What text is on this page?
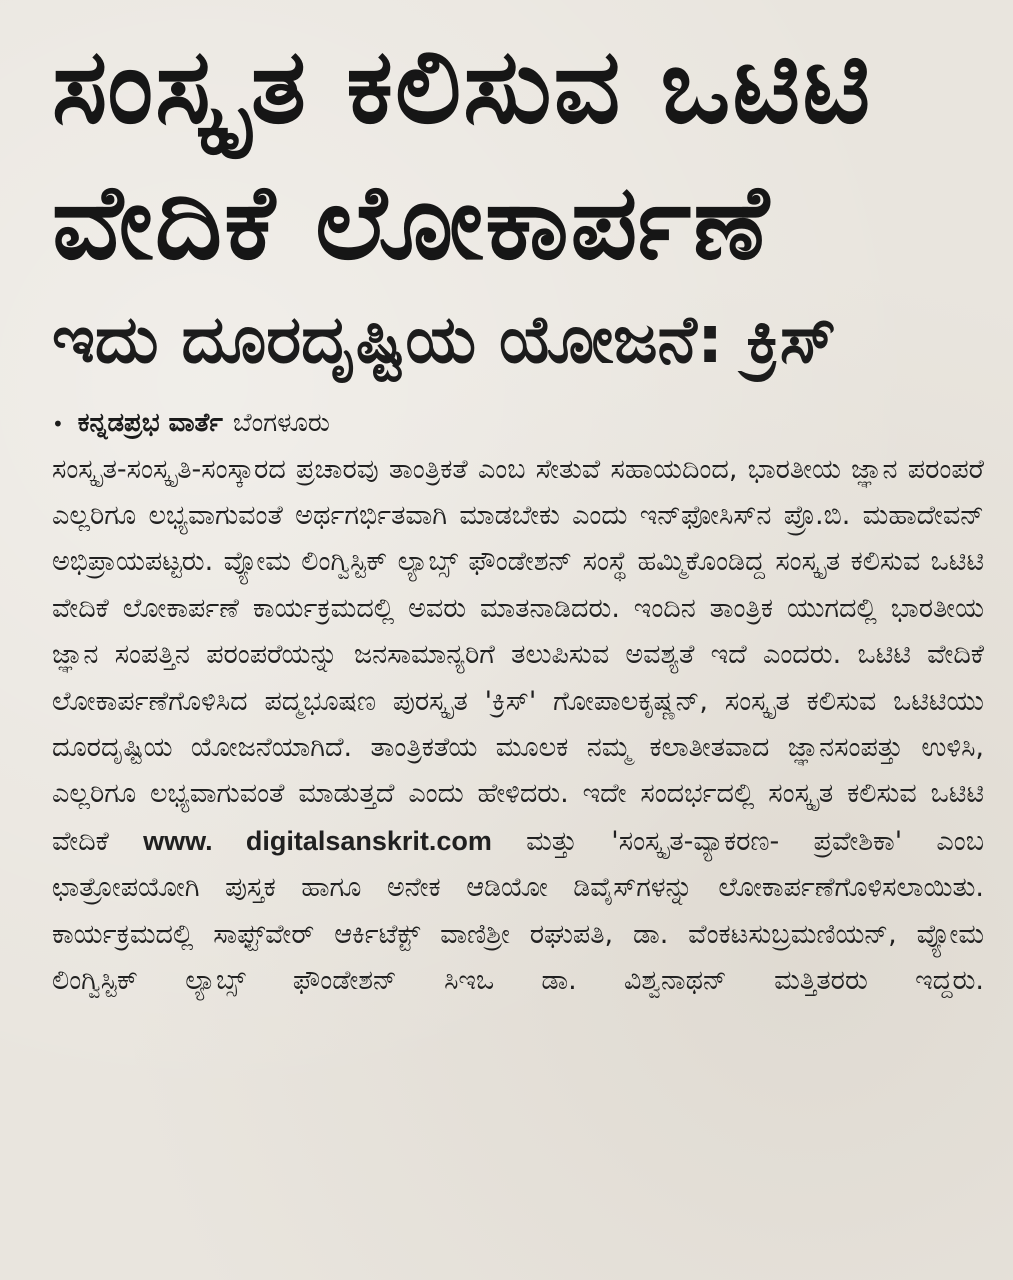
ಸಂಸ್ಕೃತ ಕಲಿಸುವ ಒಟಿಟಿ
ವೇದಿಕೆ ಲೋಕಾರ್ಪಣೆ
ಇದು ದೂರದೃಷ್ಟಿಯ ಯೋಜನೆ: ಕ್ರಿಸ್
• ಕನ್ನಡಪ್ರಭ ವಾರ್ತೆ ಬೆಂಗಳೂರು

ಸಂಸ್ಕೃತ-ಸಂಸ್ಕೃತಿ-ಸಂಸ್ಕಾರದ ಪ್ರಚಾರವು ತಾಂತ್ರಿಕತೆ ಎಂಬ ಸೇತುವೆ ಸಹಾಯದಿಂದ, ಭಾರತೀಯ ಜ್ಞಾನ ಪರಂಪರೆ ಎಲ್ಲರಿಗೂ ಲಭ್ಯವಾಗುವಂತೆ ಅರ್ಥಗರ್ಭಿತವಾಗಿ ಮಾಡಬೇಕು ಎಂದು ಇನ್‌ಫೋಸಿಸ್‌ನ ಪ್ರೊ.ಬಿ. ಮಹಾದೇವನ್ ಅಭಿಪ್ರಾಯಪಟ್ಟರು. ವ್ಯೋಮ ಲಿಂಗ್ವಿಸ್ಟಿಕ್ ಲ್ಯಾಬ್ಸ್ ಫೌಂಡೇಶನ್ ಸಂಸ್ಥೆ ಹಮ್ಮಿಕೊಂಡಿದ್ದ ಸಂಸ್ಕೃತ ಕಲಿಸುವ ಒಟಿಟಿ ವೇದಿಕೆ ಲೋಕಾರ್ಪಣೆ ಕಾರ್ಯಕ್ರಮದಲ್ಲಿ ಅವರು ಮಾತನಾಡಿದರು. ಇಂದಿನ ತಾಂತ್ರಿಕ ಯುಗದಲ್ಲಿ ಭಾರತೀಯ ಜ್ಞಾನ ಸಂಪತ್ತಿನ ಪರಂಪರೆಯನ್ನು ಜನಸಾಮಾನ್ಯರಿಗೆ ತಲುಪಿಸುವ ಅವಶ್ಯತೆ ಇದೆ ಎಂದರು. ಒಟಿಟಿ ವೇದಿಕೆ ಲೋಕಾರ್ಪಣೆಗೊಳಿಸಿದ ಪದ್ಮಭೂಷಣ ಪುರಸ್ಕೃತ 'ಕ್ರಿಸ್' ಗೋಪಾಲಕೃಷ್ಣನ್, ಸಂಸ್ಕೃತ ಕಲಿಸುವ ಒಟಿಟಿಯು ದೂರದೃಷ್ಟಿಯ ಯೋಜನೆಯಾಗಿದೆ. ತಾಂತ್ರಿಕತೆಯ ಮೂಲಕ ನಮ್ಮ ಕಲಾತೀತವಾದ ಜ್ಞಾನಸಂಪತ್ತು ಉಳಿಸಿ, ಎಲ್ಲರಿಗೂ ಲಭ್ಯವಾಗುವಂತೆ ಮಾಡುತ್ತದೆ ಎಂದು ಹೇಳಿದರು. ಇದೇ ಸಂದರ್ಭದಲ್ಲಿ ಸಂಸ್ಕೃತ ಕಲಿಸುವ ಒಟಿಟಿ ವೇದಿಕೆ www. digitalsanskrit.com ಮತ್ತು 'ಸಂಸ್ಕೃತ-ವ್ಯಾಕರಣ- ಪ್ರವೇಶಿಕಾ' ಎಂಬ ಛಾತ್ರೋಪಯೋಗಿ ಪುಸ್ತಕ ಹಾಗೂ ಅನೇಕ ಆಡಿಯೋ ಡಿವೈಸ್‌ಗಳನ್ನು ಲೋಕಾರ್ಪಣೆಗೊಳಿಸಲಾಯಿತು. ಕಾರ್ಯಕ್ರಮದಲ್ಲಿ ಸಾಫ್ಟ್‌ವೇರ್ ಆರ್ಕಿಟೆಕ್ಟ್ ವಾಣಿಶ್ರೀ ರಘುಪತಿ, ಡಾ. ವೆಂಕಟಸುಬ್ರಮಣಿಯನ್, ವ್ಯೋಮ ಲಿಂಗ್ವಿಸ್ಟಿಕ್ ಲ್ಯಾಬ್ಸ್ ಫೌಂಡೇಶನ್ ಸಿಇಒ ಡಾ. ವಿಶ್ವನಾಥನ್ ಮತ್ತಿತರರು ಇದ್ದರು.
